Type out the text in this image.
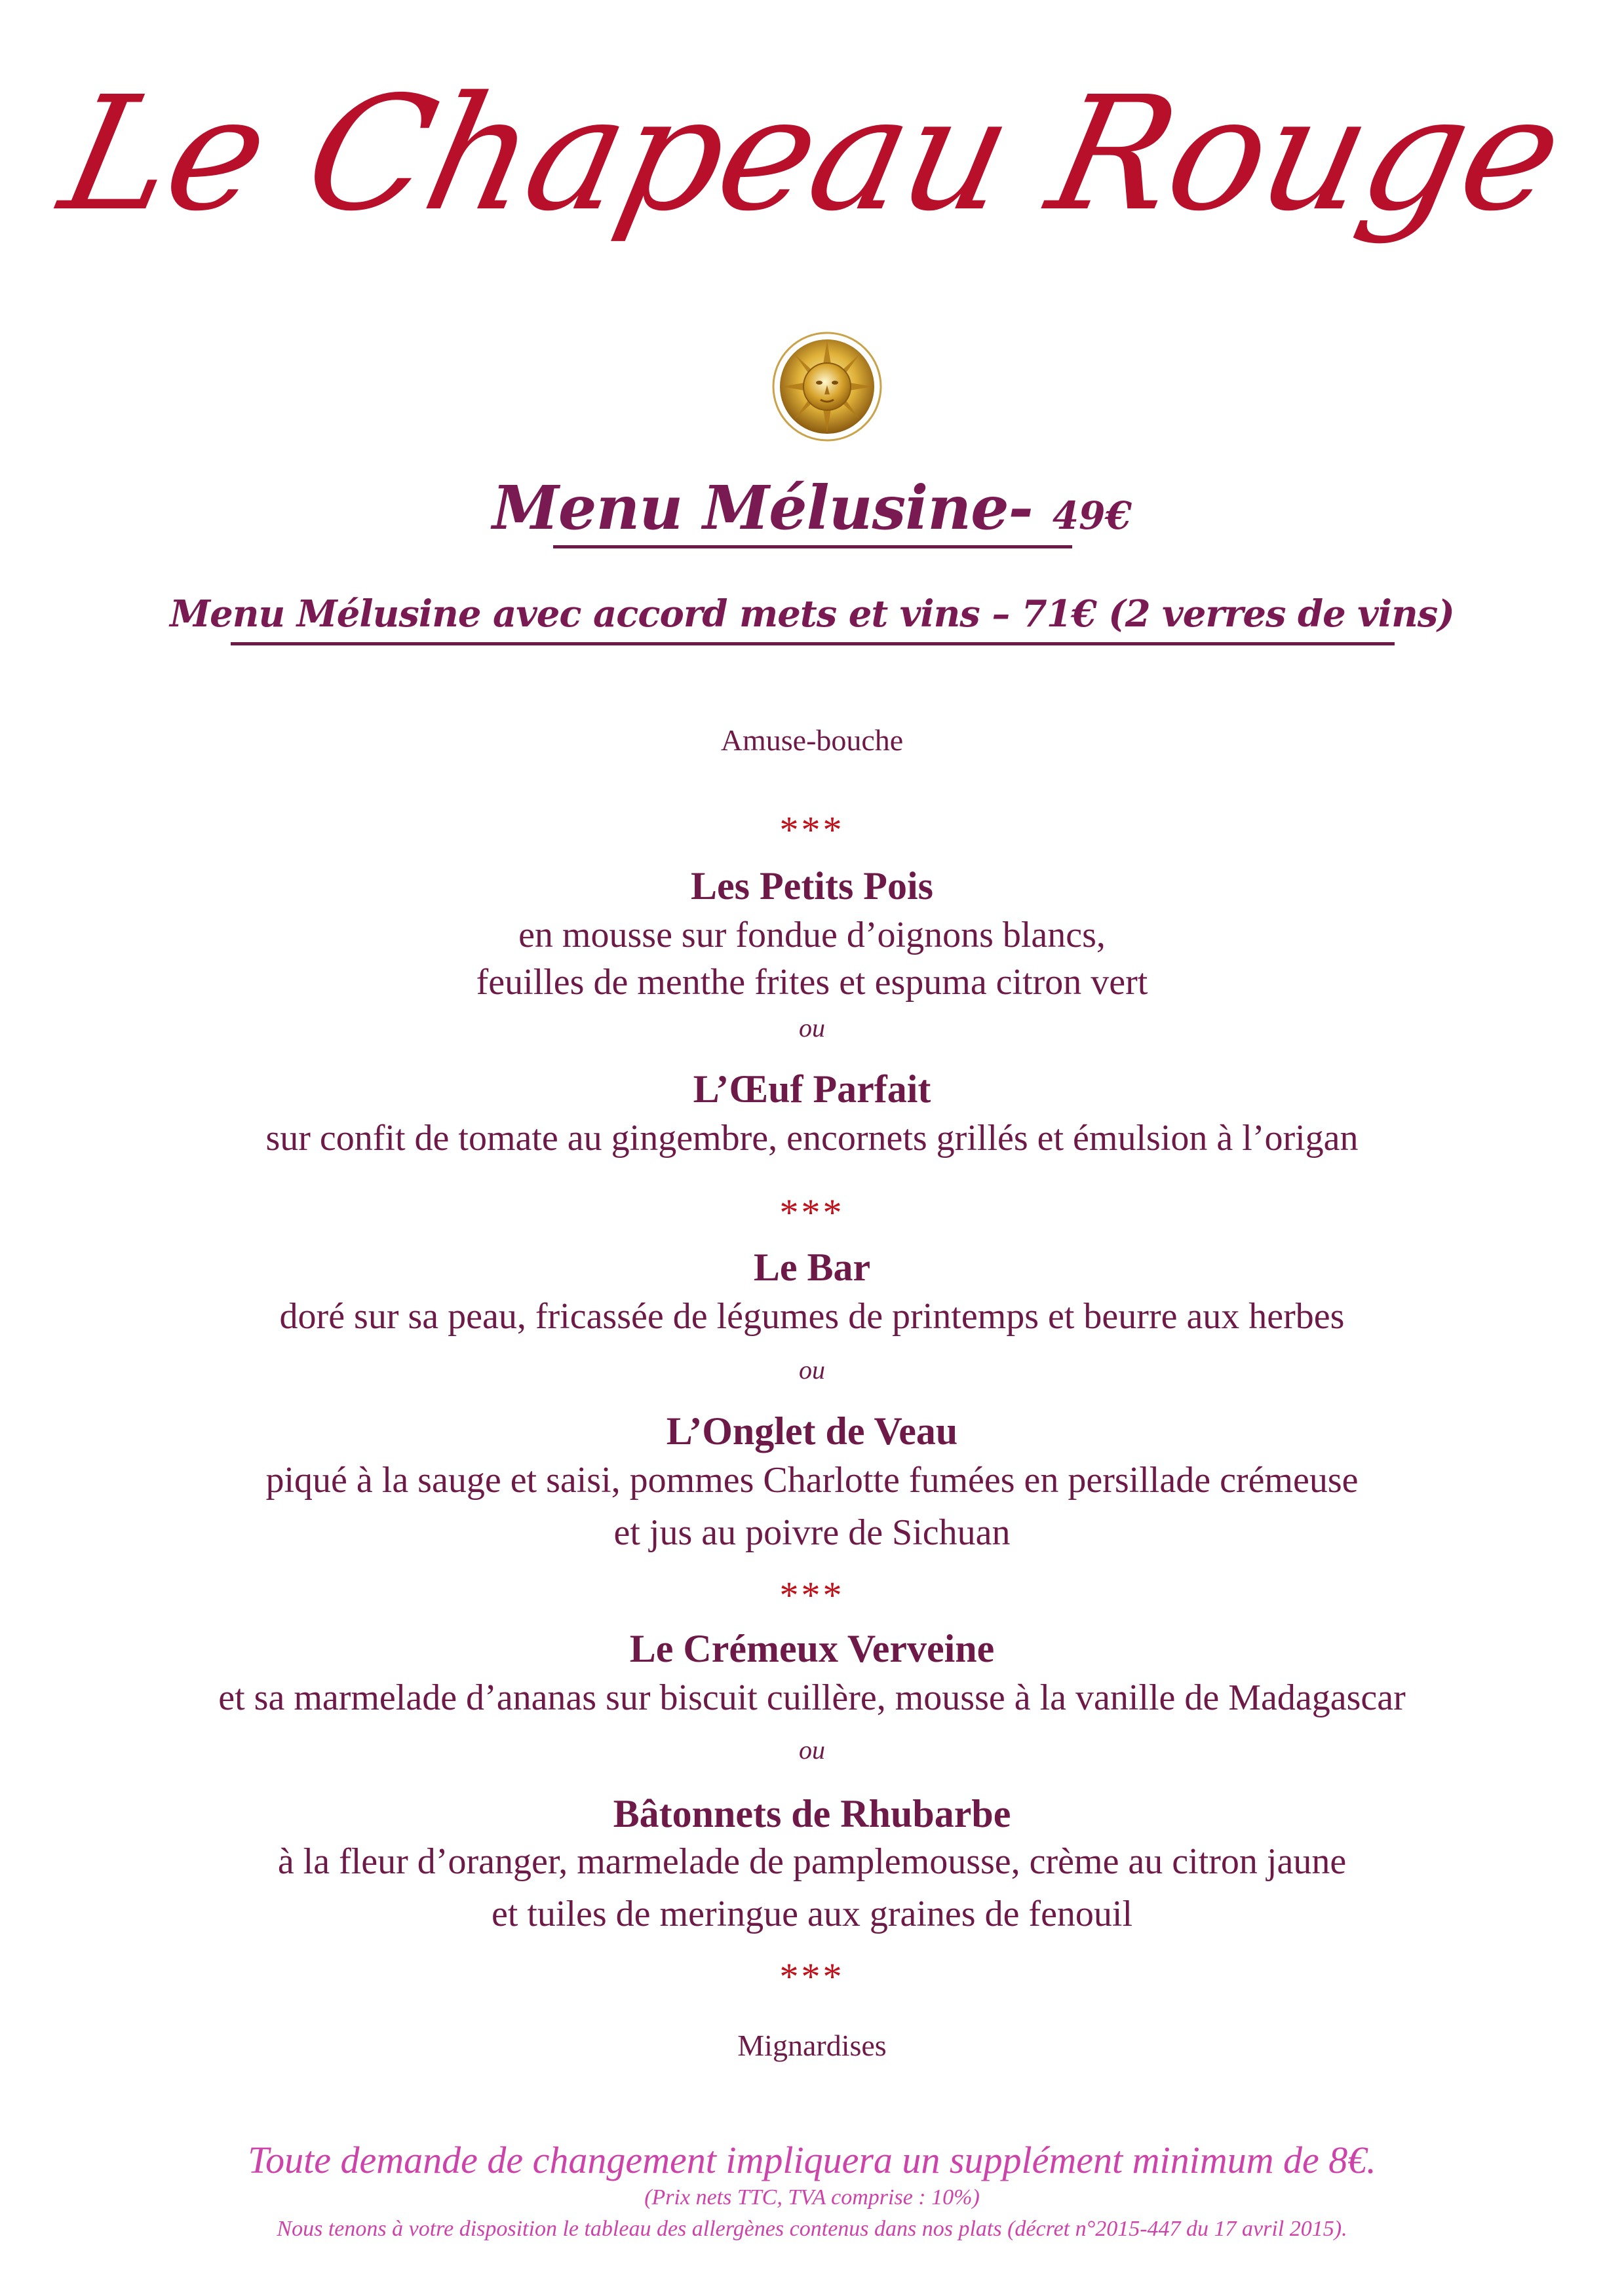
Le Chapeau Rouge
Menu Mélusine- 49€
Menu Mélusine avec accord mets et vins – 71€ (2 verres de vins)
Amuse-bouche
***
Les Petits Pois
en mousse sur fondue d’oignons blancs,
feuilles de menthe frites et espuma citron vert
ou
L’Œuf Parfait
sur confit de tomate au gingembre, encornets grillés et émulsion à l’origan
***
Le Bar
doré sur sa peau, fricassée de légumes de printemps et beurre aux herbes
ou
L’Onglet de Veau
piqué à la sauge et saisi, pommes Charlotte fumées en persillade crémeuse
et jus au poivre de Sichuan
***
Le Crémeux Verveine
et sa marmelade d’ananas sur biscuit cuillère, mousse à la vanille de Madagascar
ou
Bâtonnets de Rhubarbe
à la fleur d’oranger, marmelade de pamplemousse, crème au citron jaune
et tuiles de meringue aux graines de fenouil
***
Mignardises
Toute demande de changement impliquera un supplément minimum de 8€.
(Prix nets TTC, TVA comprise : 10%)
Nous tenons à votre disposition le tableau des allergènes contenus dans nos plats (décret n°2015-447 du 17 avril 2015).
